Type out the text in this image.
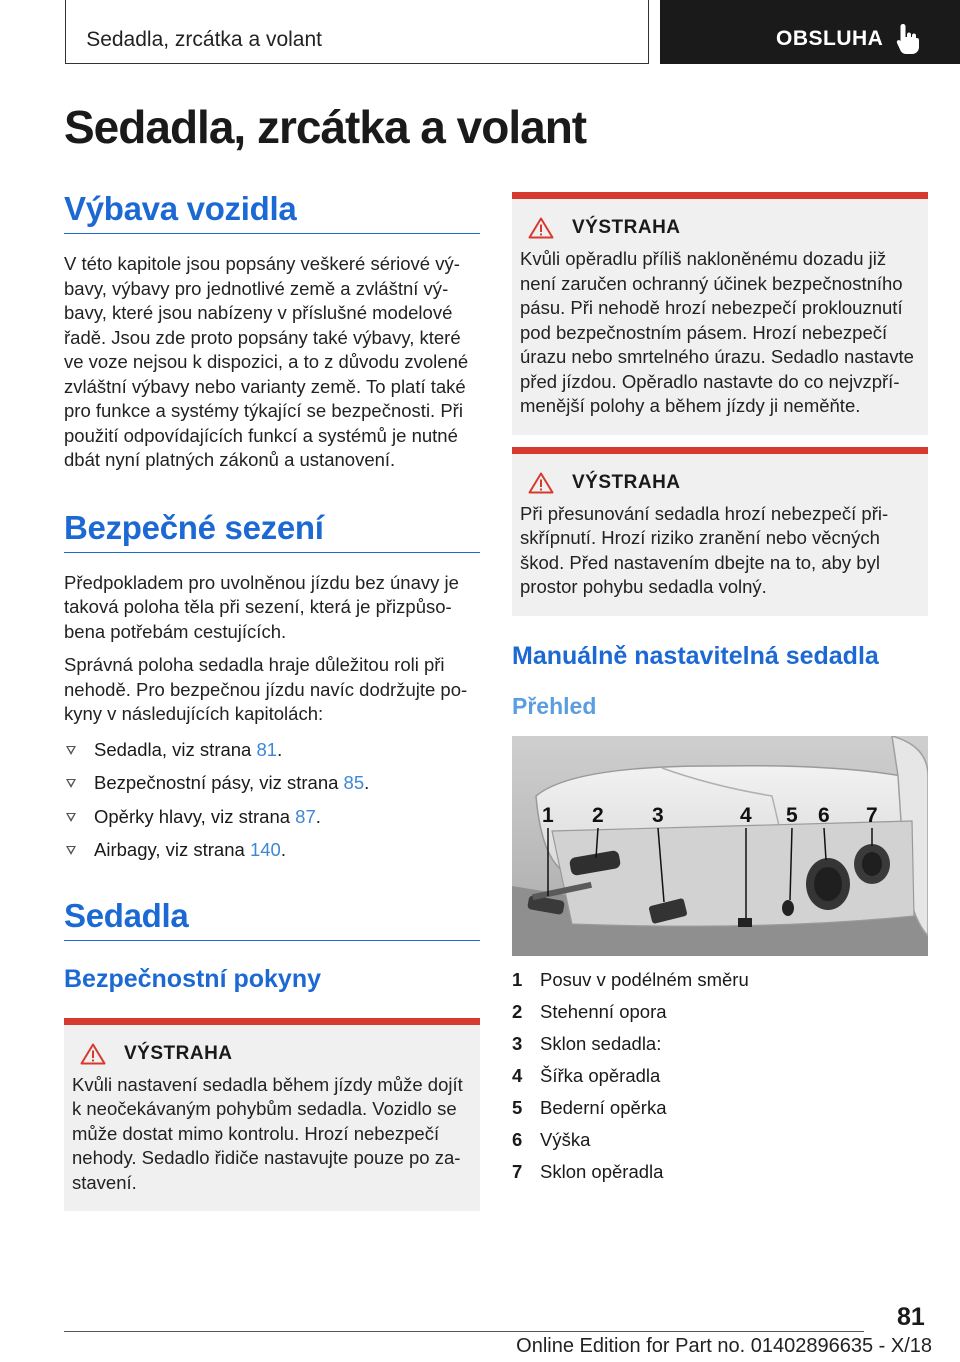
Sedadla, zrcátka a volant	OBSLUHA
Sedadla, zrcátka a volant
Výbava vozidla

V této kapitole jsou popsány veškeré sériové výbavy, výbavy pro jednotlivé země a zvláštní výbavy, které jsou nabízeny v příslušné modelové řadě. Jsou zde proto popsány také výbavy, které ve voze nejsou k dispozici, a to z důvodu zvolené zvláštní výbavy nebo varianty země. To platí také pro funkce a systémy týkající se bezpečnosti. Při použití odpovídajících funkcí a systémů je nutné dbát nyní platných zákonů a ustanovení.

Bezpečné sezení

Předpokladem pro uvolněnou jízdu bez únavy je taková poloha těla při sezení, která je přizpůsobena potřebám cestujících.

Správná poloha sedadla hraje důležitou roli při nehodě. Pro bezpečnou jízdu navíc dodržujte pokyny v následujících kapitolách:

Sedadla, viz strana 81.
Bezpečnostní pásy, viz strana 85.
Opěrky hlavy, viz strana 87.
Airbagy, viz strana 140.
Sedadla
Bezpečnostní pokyny
VÝSTRAHA

Kvůli nastavení sedadla během jízdy může dojít k neočekávaným pohybům sedadla. Vozidlo se může dostat mimo kontrolu. Hrozí nebezpečí nehody. Sedadlo řidiče nastavujte pouze po zastavení.

VÝSTRAHA

Kvůli opěradlu příliš nakloněnému dozadu již není zaručen ochranný účinek bezpečnostního pásu. Při nehodě hrozí nebezpečí proklouznutí pod bezpečnostním pásem. Hrozí nebezpečí úrazu nebo smrtelného úrazu. Sedadlo nastavte před jízdou. Opěradlo nastavte do co nejvzpřímenější polohy a během jízdy ji neměňte.

VÝSTRAHA

Při přesunování sedadla hrozí nebezpečí přiskřípnutí. Hrozí riziko zranění nebo věcných škod. Před nastavením dbejte na to, aby byl prostor pohybu sedadla volný.

Manuálně nastavitelná sedadla
Přehled
1 2 3	4 5 6 7
1 Posuv v podélném směru
2 Stehenní opora
3 Sklon sedadla:
4 Šířka opěradla
5 Bederní opěrka
6 Výška
7 Sklon opěradla
81
Online Edition for Part no. 01402896635 - X/18
